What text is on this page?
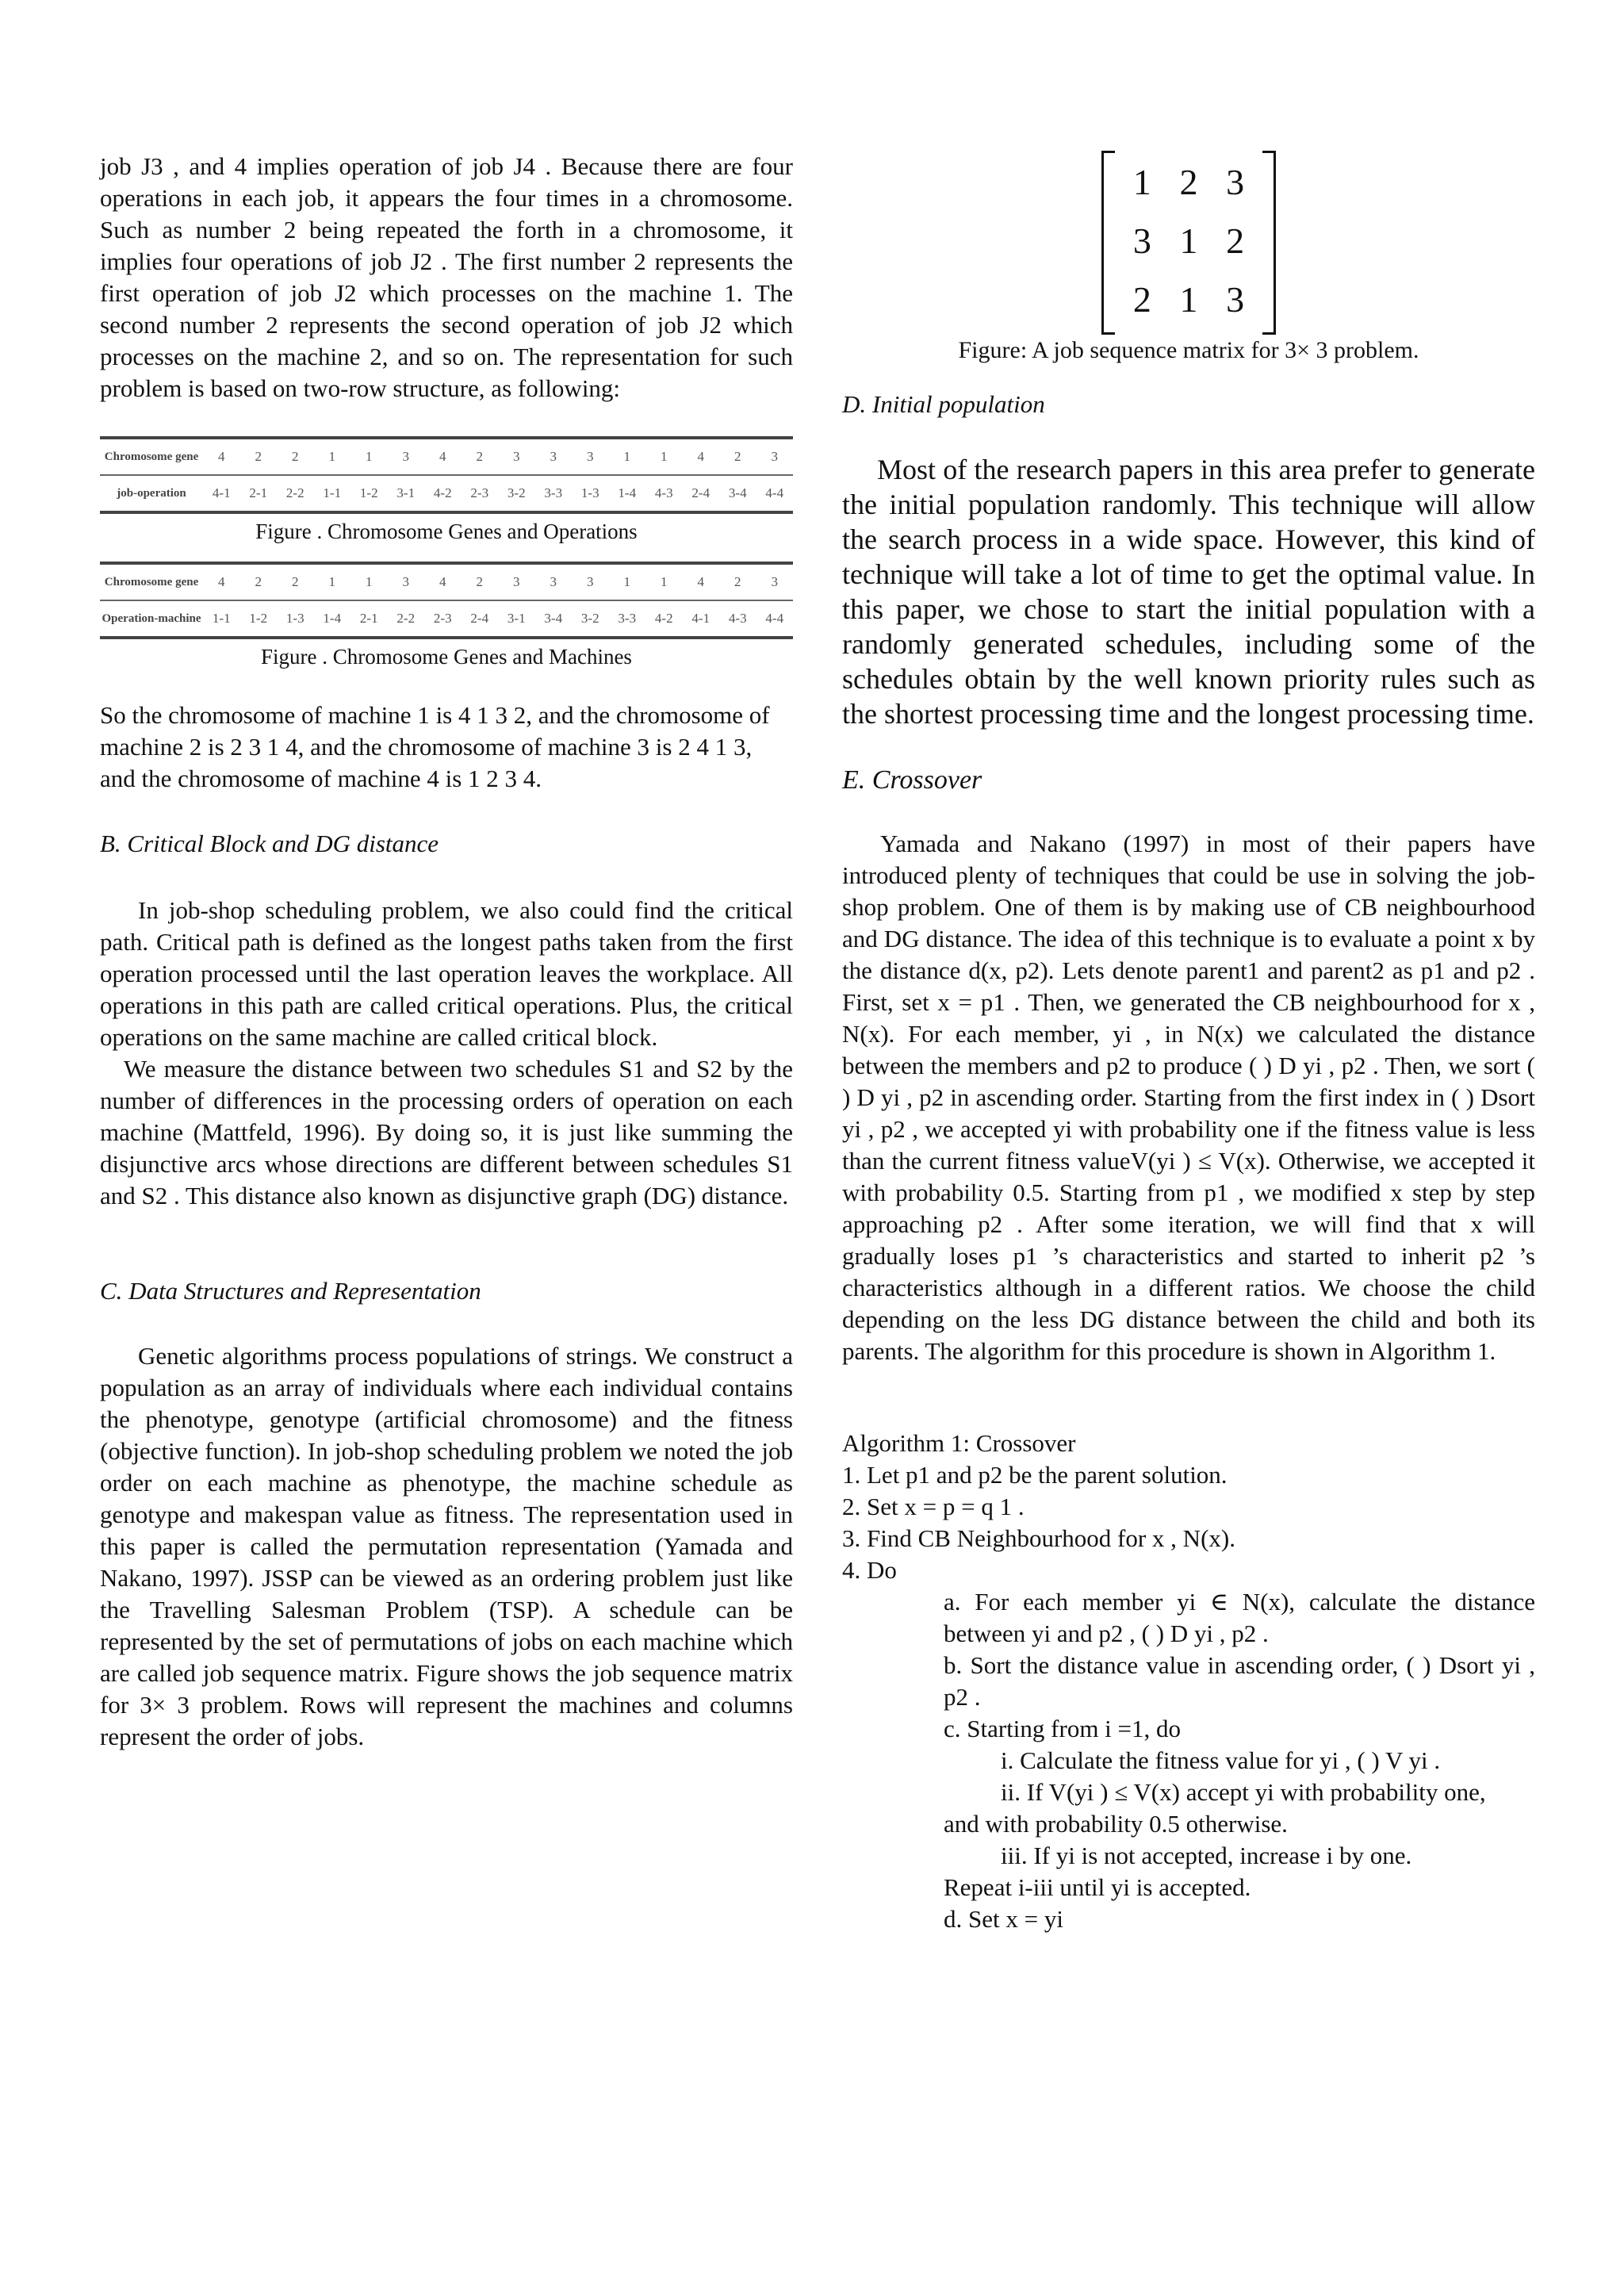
job J3 , and 4 implies operation of job J4 . Because there are four operations in each job, it appears the four times in a chromosome. Such as number 2 being repeated the forth in a chromosome, it implies four operations of job J2 . The first number 2 represents the first operation of job J2 which processes on the machine 1. The second number 2 represents the second operation of job J2 which processes on the machine 2, and so on. The representation for such problem is based on two-row structure, as following:

Chromosome gene	4	2	2	1	1	3	4	2	3	3	3	1	1	4	2	3
job-operation	4-1	2-1	2-2	1-1	1-2	3-1	4-2	2-3	3-2	3-3	1-3	1-4	4-3	2-4	3-4	4-4

Figure . Chromosome Genes and Operations

Chromosome gene	4	2	2	1	1	3	4	2	3	3	3	1	1	4	2	3
Operation-machine	1-1	1-2	1-3	1-4	2-1	2-2	2-3	2-4	3-1	3-4	3-2	3-3	4-2	4-1	4-3	4-4

Figure . Chromosome Genes and Machines

So the chromosome of machine 1 is 4 1 3 2, and the chromosome of machine 2 is 2 3 1 4, and the chromosome of machine 3 is 2 4 1 3, and the chromosome of machine 4 is 1 2 3 4.

B. Critical Block and DG distance

In job-shop scheduling problem, we also could find the critical path. Critical path is defined as the longest paths taken from the first operation processed until the last operation leaves the workplace. All operations in this path are called critical operations. Plus, the critical operations on the same machine are called critical block.

We measure the distance between two schedules S1 and S2 by the number of differences in the processing orders of operation on each machine (Mattfeld, 1996). By doing so, it is just like summing the disjunctive arcs whose directions are different between schedules S1 and S2 . This distance also known as disjunctive graph (DG) distance.

C. Data Structures and Representation

Genetic algorithms process populations of strings. We construct a population as an array of individuals where each individual contains the phenotype, genotype (artificial chromosome) and the fitness (objective function). In job-shop scheduling problem we noted the job order on each machine as phenotype, the machine schedule as genotype and makespan value as fitness. The representation used in this paper is called the permutation representation (Yamada and Nakano, 1997). JSSP can be viewed as an ordering problem just like the Travelling Salesman Problem (TSP). A schedule can be represented by the set of permutations of jobs on each machine which are called job sequence matrix. Figure shows the job sequence matrix for 3× 3 problem. Rows will represent the machines and columns represent the order of jobs.

1	2	3
3	1	2
2	1	3

Figure: A job sequence matrix for 3× 3 problem.

D. Initial population

Most of the research papers in this area prefer to generate the initial population randomly. This technique will allow the search process in a wide space. However, this kind of technique will take a lot of time to get the optimal value. In this paper, we chose to start the initial population with a randomly generated schedules, including some of the schedules obtain by the well known priority rules such as the shortest processing time and the longest processing time.

E. Crossover

Yamada and Nakano (1997) in most of their papers have introduced plenty of techniques that could be use in solving the job-shop problem. One of them is by making use of CB neighbourhood and DG distance. The idea of this technique is to evaluate a point x by the distance d(x, p2). Lets denote parent1 and parent2 as p1 and p2 . First, set x = p1 . Then, we generated the CB neighbourhood for x , N(x). For each member, yi , in N(x) we calculated the distance between the members and p2 to produce ( ) D yi , p2 . Then, we sort ( ) D yi , p2 in ascending order. Starting from the first index in ( ) Dsort yi , p2 , we accepted yi with probability one if the fitness value is less than the current fitness valueV(yi ) ≤ V(x). Otherwise, we accepted it with probability 0.5. Starting from p1 , we modified x step by step approaching p2 . After some iteration, we will find that x will gradually loses p1 ’s characteristics and started to inherit p2 ’s characteristics although in a different ratios. We choose the child depending on the less DG distance between the child and both its parents. The algorithm for this procedure is shown in Algorithm 1.

Algorithm 1: Crossover

1. Let p1 and p2 be the parent solution.

2. Set x = p = q 1 .

3. Find CB Neighbourhood for x , N(x).

4. Do

a. For each member yi ∈ N(x), calculate the distance between yi and p2 , ( ) D yi , p2 .

b. Sort the distance value in ascending order, ( ) Dsort yi , p2 .

c. Starting from i =1, do

i. Calculate the fitness value for yi , ( ) V yi .

ii. If V(yi ) ≤ V(x) accept yi with probability one,

and with probability 0.5 otherwise.

iii. If yi is not accepted, increase i by one.

Repeat i-iii until yi is accepted.

d. Set x = yi
